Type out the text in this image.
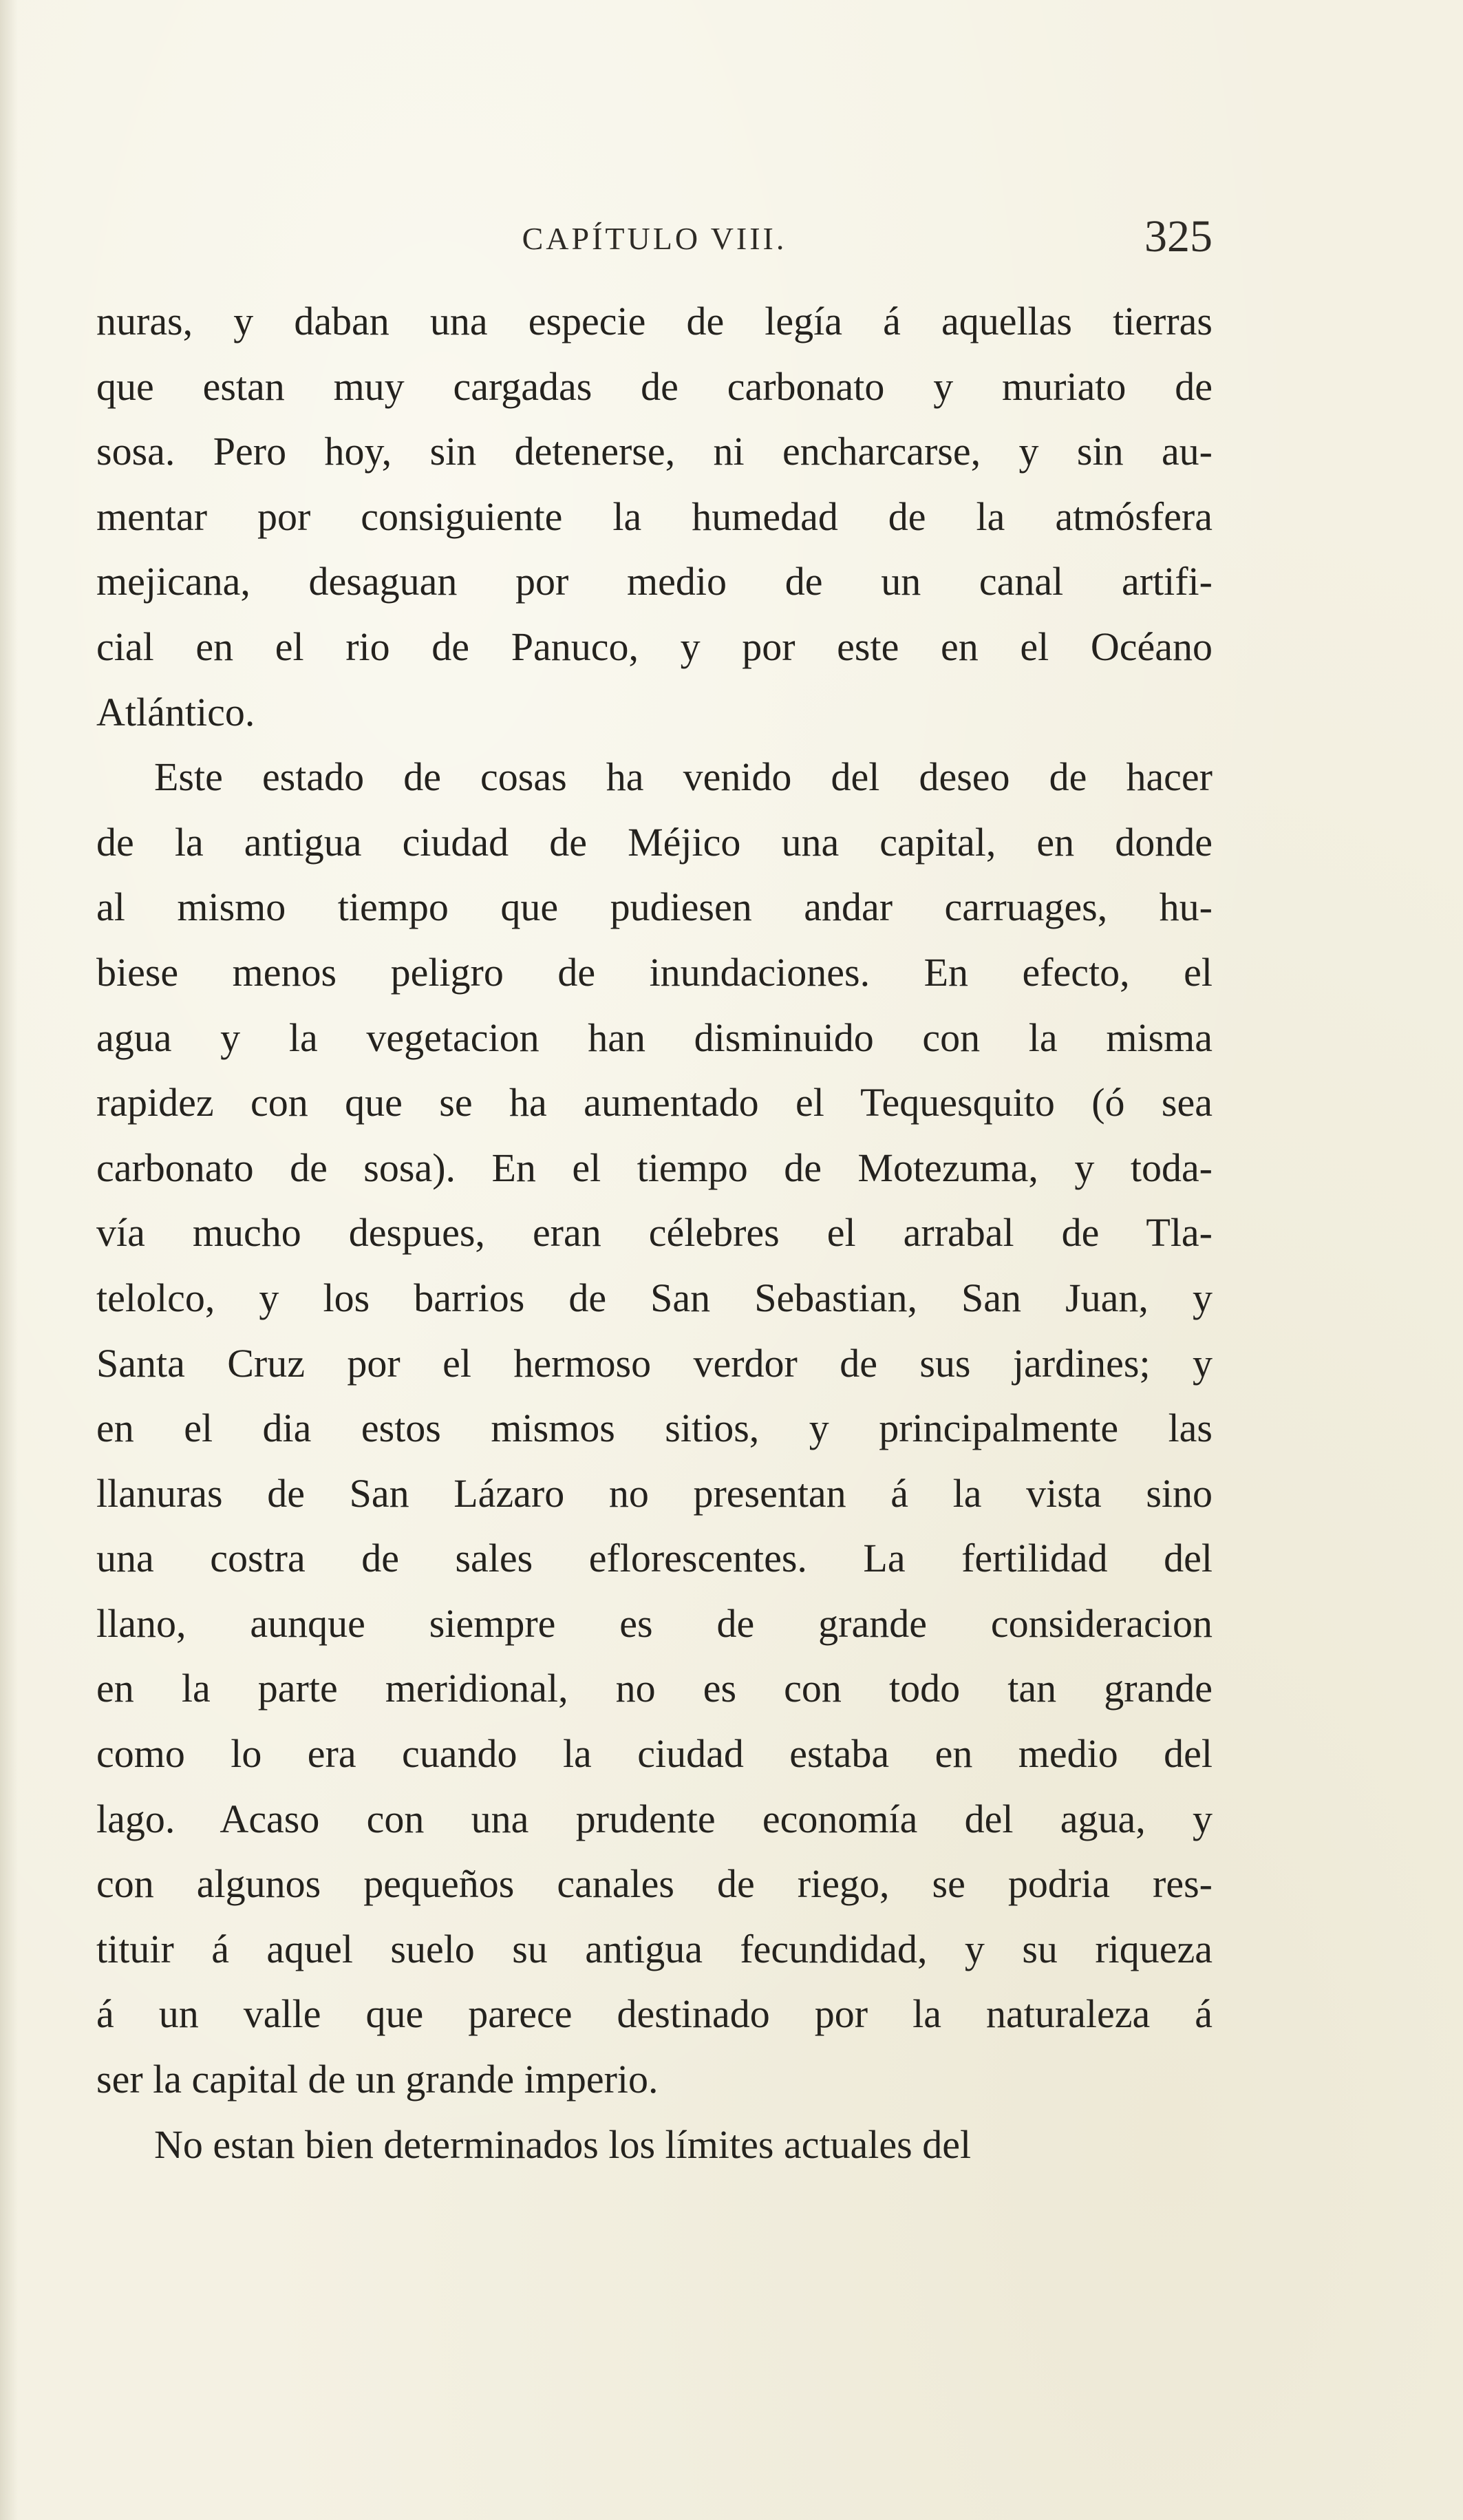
CAPÍTULO VIII.	325
nuras, y daban una especie de legía á aquellas tierras
que estan muy cargadas de carbonato y muriato de
sosa. Pero hoy, sin detenerse, ni encharcarse, y sin au-
mentar por consiguiente la humedad de la atmósfera
mejicana, desaguan por medio de un canal artifi-
cial en el rio de Panuco, y por este en el Océano
Atlántico.
Este estado de cosas ha venido del deseo de hacer
de la antigua ciudad de Méjico una capital, en donde
al mismo tiempo que pudiesen andar carruages, hu-
biese menos peligro de inundaciones. En efecto, el
agua y la vegetacion han disminuido con la misma
rapidez con que se ha aumentado el Tequesquito (ó sea
carbonato de sosa). En el tiempo de Motezuma, y toda-
vía mucho despues, eran célebres el arrabal de Tla-
telolco, y los barrios de San Sebastian, San Juan, y
Santa Cruz por el hermoso verdor de sus jardines; y
en el dia estos mismos sitios, y principalmente las
llanuras de San Lázaro no presentan á la vista sino
una costra de sales eflorescentes. La fertilidad del
llano, aunque siempre es de grande consideracion
en la parte meridional, no es con todo tan grande
como lo era cuando la ciudad estaba en medio del
lago. Acaso con una prudente economía del agua, y
con algunos pequeños canales de riego, se podria res-
tituir á aquel suelo su antigua fecundidad, y su riqueza
á un valle que parece destinado por la naturaleza á
ser la capital de un grande imperio.
No estan bien determinados los límites actuales del
